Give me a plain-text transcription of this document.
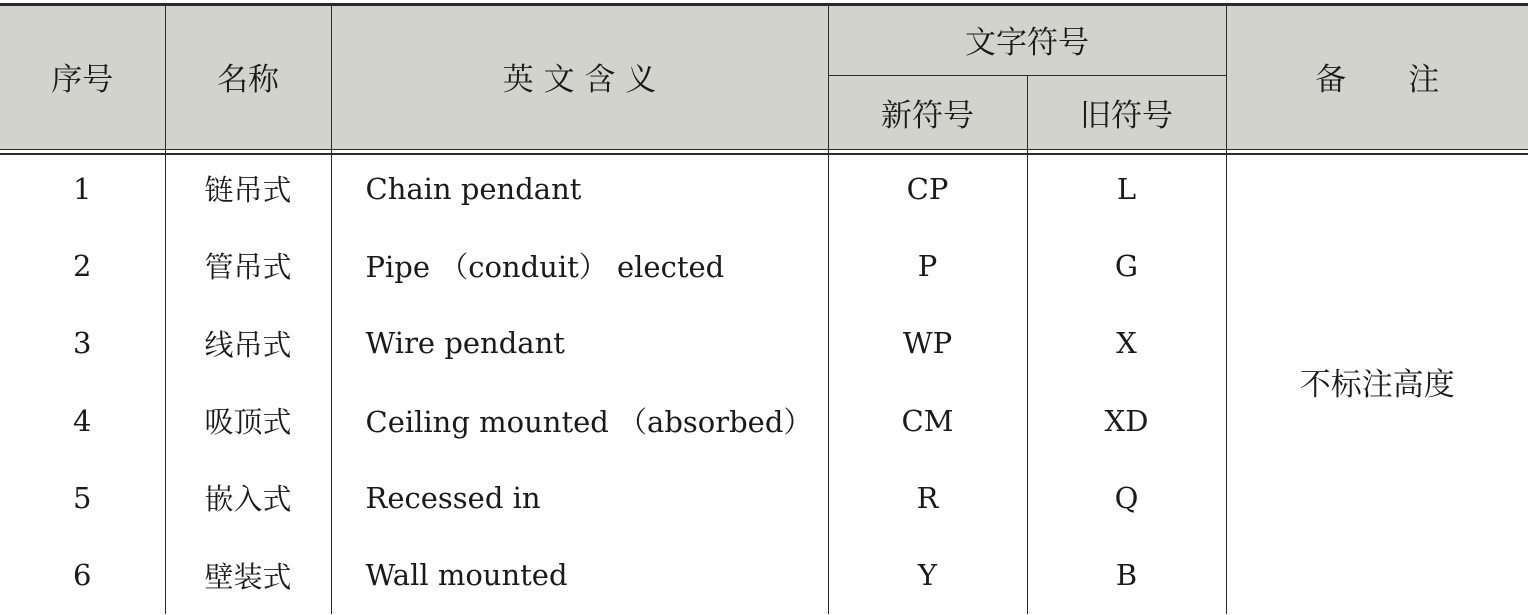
序号	名称	英 文 含 义	文字符号		备　　注
			新符号	旧符号	
1	链吊式	Chain pendant	CP	L	不标注高度
2	管吊式	Pipe （conduit） elected	P	G	
3	线吊式	Wire pendant	WP	X	
4	吸顶式	Ceiling mounted （absorbed）	CM	XD	
5	嵌入式	Recessed in	R	Q	
6	壁装式	Wall mounted	Y	B	
